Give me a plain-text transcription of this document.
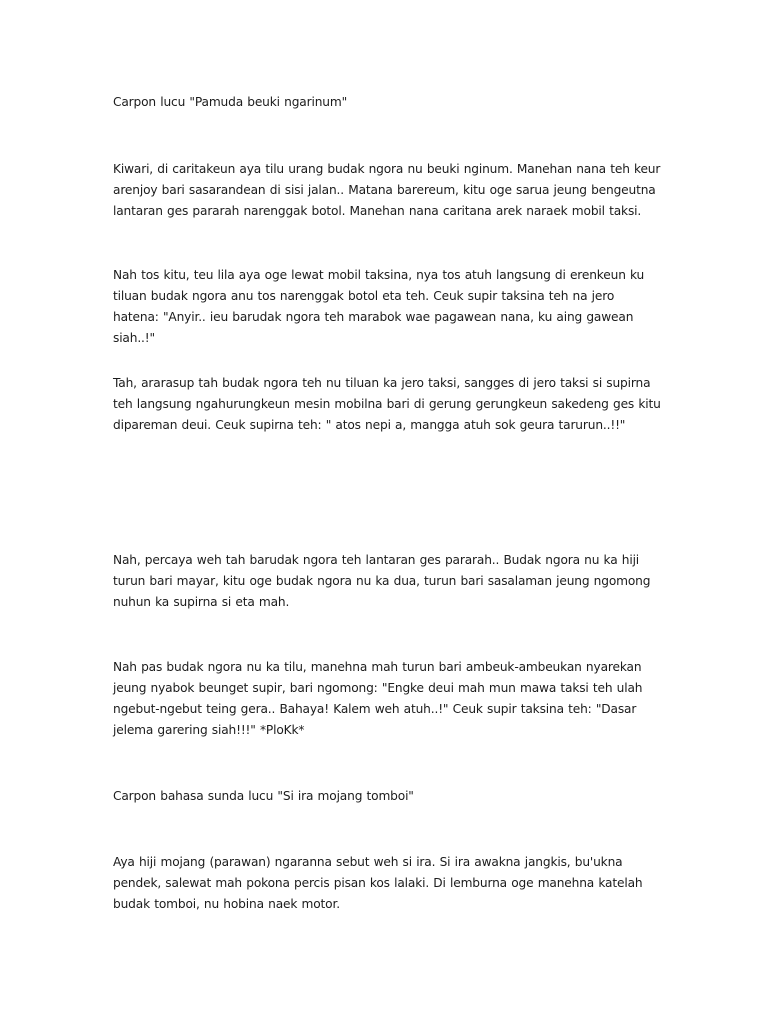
Carpon lucu "Pamuda beuki ngarinum"

Kiwari, di caritakeun aya tilu urang budak ngora nu beuki nginum. Manehan nana teh keur arenjoy bari sasarandean di sisi jalan.. Matana barereum, kitu oge sarua jeung bengeutna lantaran ges pararah narenggak botol. Manehan nana caritana arek naraek mobil taksi.

Nah tos kitu, teu lila aya oge lewat mobil taksina, nya tos atuh langsung di erenkeun ku tiluan budak ngora anu tos narenggak botol eta teh. Ceuk supir taksina teh na jero hatena: "Anyir.. ieu barudak ngora teh marabok wae pagawean nana, ku aing gawean siah..!"

Tah, ararasup tah budak ngora teh nu tiluan ka jero taksi, sangges di jero taksi si supirna teh langsung ngahurungkeun mesin mobilna bari di gerung gerungkeun sakedeng ges kitu dipareman deui. Ceuk supirna teh: " atos nepi a, mangga atuh sok geura tarurun..!!"

Nah, percaya weh tah barudak ngora teh lantaran ges pararah.. Budak ngora nu ka hiji turun bari mayar, kitu oge budak ngora nu ka dua, turun bari sasalaman jeung ngomong nuhun ka supirna si eta mah.

Nah pas budak ngora nu ka tilu, manehna mah turun bari ambeuk-ambeukan nyarekan jeung nyabok beunget supir, bari ngomong: "Engke deui mah mun mawa taksi teh ulah ngebut-ngebut teing gera.. Bahaya! Kalem weh atuh..!" Ceuk supir taksina teh: "Dasar jelema garering siah!!!" *PloKk*

Carpon bahasa sunda lucu "Si ira mojang tomboi"

Aya hiji mojang (parawan) ngaranna sebut weh si ira. Si ira awakna jangkis, bu'ukna pendek, salewat mah pokona percis pisan kos lalaki. Di lemburna oge manehna katelah budak tomboi, nu hobina naek motor.
